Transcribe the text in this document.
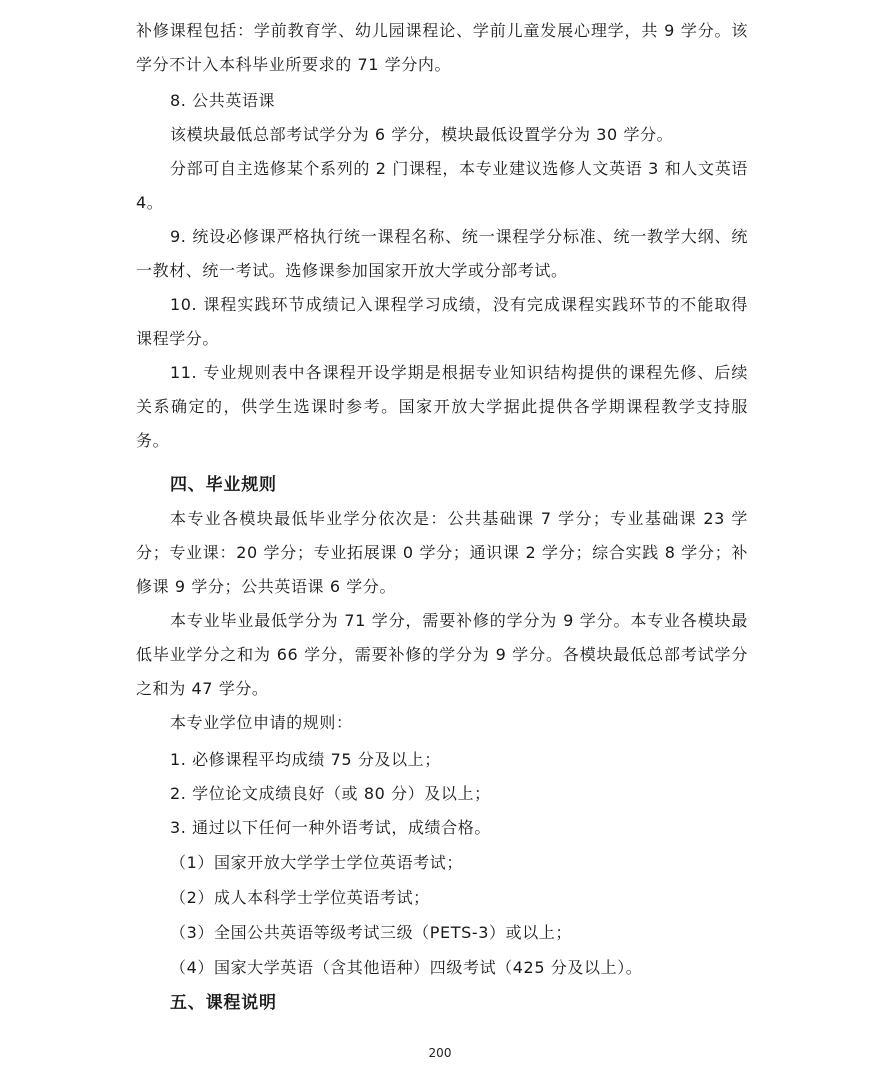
补修课程包括：学前教育学、幼儿园课程论、学前儿童发展心理学，共 9 学分。该学分不计入本科毕业所要求的 71 学分内。

8. 公共英语课

该模块最低总部考试学分为 6 学分，模块最低设置学分为 30 学分。

分部可自主选修某个系列的 2 门课程，本专业建议选修人文英语 3 和人文英语 4。

9. 统设必修课严格执行统一课程名称、统一课程学分标准、统一教学大纲、统一教材、统一考试。选修课参加国家开放大学或分部考试。

10. 课程实践环节成绩记入课程学习成绩，没有完成课程实践环节的不能取得课程学分。

11. 专业规则表中各课程开设学期是根据专业知识结构提供的课程先修、后续关系确定的，供学生选课时参考。国家开放大学据此提供各学期课程教学支持服务。

四、毕业规则

本专业各模块最低毕业学分依次是：公共基础课 7 学分；专业基础课 23 学分；专业课：20 学分；专业拓展课 0 学分；通识课 2 学分；综合实践 8 学分；补修课 9 学分；公共英语课 6 学分。

本专业毕业最低学分为 71 学分，需要补修的学分为 9 学分。本专业各模块最低毕业学分之和为 66 学分，需要补修的学分为 9 学分。各模块最低总部考试学分之和为 47 学分。

本专业学位申请的规则：

1. 必修课程平均成绩 75 分及以上；

2. 学位论文成绩良好（或 80 分）及以上；

3. 通过以下任何一种外语考试，成绩合格。

（1）国家开放大学学士学位英语考试；

（2）成人本科学士学位英语考试；

（3）全国公共英语等级考试三级（PETS-3）或以上；

（4）国家大学英语（含其他语种）四级考试（425 分及以上）。

五、课程说明
200
